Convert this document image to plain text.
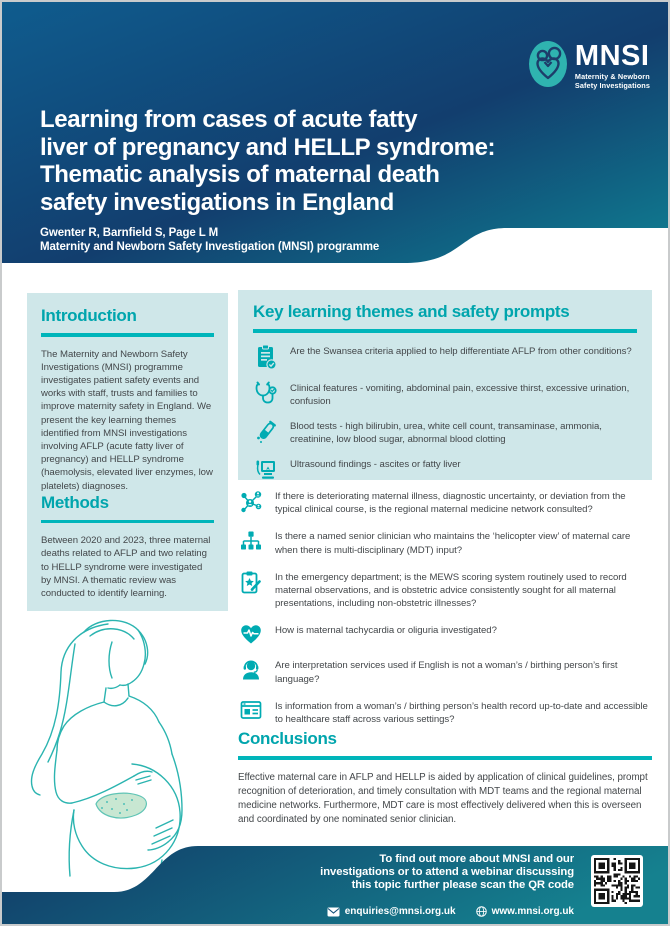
Learning from cases of acute fatty
liver of pregnancy and HELLP syndrome:
Thematic analysis of maternal death
safety investigations in England
Gwenter R, Barnfield S, Page L M
Maternity and Newborn Safety Investigation (MNSI) programme
MNSI
Maternity & Newborn
Safety Investigations
Introduction

The Maternity and Newborn Safety Investigations (MNSI) programme investigates patient safety events and works with staff, trusts and families to improve maternity safety in England. We present the key learning themes identified from MNSI investigations involving AFLP (acute fatty liver of pregnancy) and HELLP syndrome (haemolysis, elevated liver enzymes, low platelets) diagnoses.

Methods

Between 2020 and 2023, three maternal deaths related to AFLP and two relating to HELLP syndrome were investigated by MNSI. A thematic review was conducted to identify learning.

Key learning themes and safety prompts

Are the Swansea criteria applied to help differentiate AFLP from other conditions?

Clinical features - vomiting, abdominal pain, excessive thirst, excessive urination, confusion

Blood tests - high bilirubin, urea, white cell count, transaminase, ammonia, creatinine, low blood sugar, abnormal blood clotting

Ultrasound findings - ascites or fatty liver

If there is deteriorating maternal illness, diagnostic uncertainty, or deviation from the typical clinical course, is the regional maternal medicine network consulted?

Is there a named senior clinician who maintains the ‘helicopter view’ of maternal care when there is multi-disciplinary (MDT) input?

In the emergency department; is the MEWS scoring system routinely used to record maternal observations, and is obstetric advice consistently sought for all maternal presentations, including non-obstetric illnesses?

How is maternal tachycardia or oliguria investigated?

Are interpretation services used if English is not a woman’s / birthing person’s first language?

Is information from a woman’s / birthing person’s health record up-to-date and accessible to healthcare staff across various settings?

Conclusions

Effective maternal care in AFLP and HELLP is aided by application of clinical guidelines, prompt recognition of deterioration, and timely consultation with MDT teams and the regional maternal medicine networks. Furthermore, MDT care is most effectively delivered when this is overseen and coordinated by one nominated senior clinician.

To find out more about MNSI and our
investigations or to attend a webinar discussing
this topic further please scan the QR code
enquiries@mnsi.org.uk	www.mnsi.org.uk
